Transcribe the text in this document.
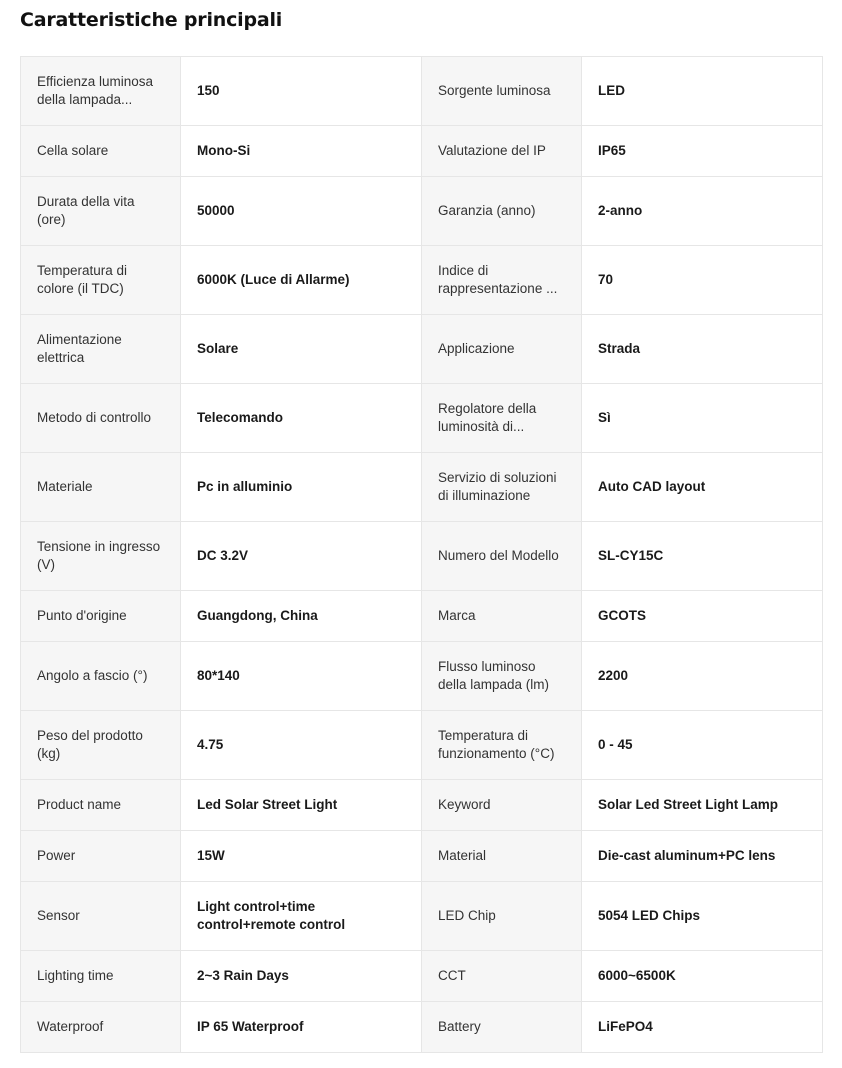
Caratteristiche principali
Efficienza luminosa della lampada...	150	Sorgente luminosa	LED
Cella solare	Mono-Si	Valutazione del IP	IP65
Durata della vita (ore)	50000	Garanzia (anno)	2-anno
Temperatura di colore (il TDC)	6000K (Luce di Allarme)	Indice di rappresentazione ...	70
Alimentazione elettrica	Solare	Applicazione	Strada
Metodo di controllo	Telecomando	Regolatore della luminosità di...	Sì
Materiale	Pc in alluminio	Servizio di soluzioni di illuminazione	Auto CAD layout
Tensione in ingresso (V)	DC 3.2V	Numero del Modello	SL-CY15C
Punto d'origine	Guangdong, China	Marca	GCOTS
Angolo a fascio (°)	80*140	Flusso luminoso della lampada (lm)	2200
Peso del prodotto (kg)	4.75	Temperatura di funzionamento (°C)	0 - 45
Product name	Led Solar Street Light	Keyword	Solar Led Street Light Lamp
Power	15W	Material	Die-cast aluminum+PC lens
Sensor	Light control+time control+remote control	LED Chip	5054 LED Chips
Lighting time	2~3 Rain Days	CCT	6000~6500K
Waterproof	IP 65 Waterproof	Battery	LiFePO4
